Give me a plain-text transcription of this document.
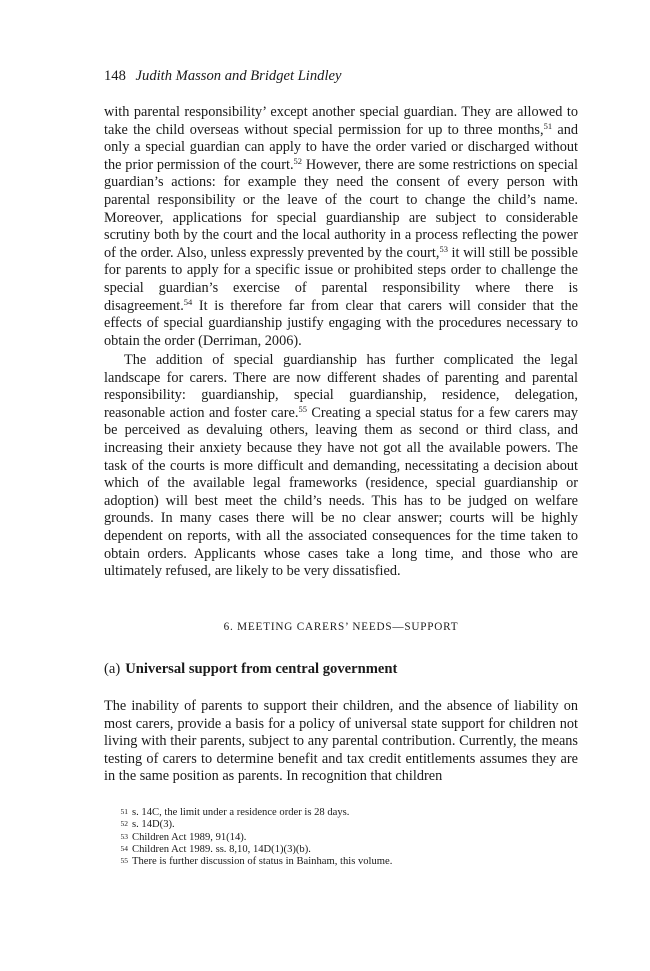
148 Judith Masson and Bridget Lindley

with parental responsibility’ except another special guardian. They are allowed to take the child overseas without special permission for up to three months,$^{51}$ and only a special guardian can apply to have the order varied or discharged without the prior permission of the court.$^{52}$ However, there are some restrictions on special guardian’s actions: for example they need the consent of every person with parental responsibility or the leave of the court to change the child’s name. Moreover, applications for special guardianship are subject to considerable scrutiny both by the court and the local authority in a process reflecting the power of the order. Also, unless expressly prevented by the court,$^{53}$ it will still be possible for parents to apply for a specific issue or prohibited steps order to challenge the special guardian’s exercise of parental responsibility where there is disagreement.$^{54}$ It is therefore far from clear that carers will consider that the effects of special guardianship justify engaging with the procedures necessary to obtain the order (Derriman, 2006).

The addition of special guardianship has further complicated the legal landscape for carers. There are now different shades of parenting and parental responsibility: guardianship, special guardianship, residence, delegation, reasonable action and foster care.$^{55}$ Creating a special status for a few carers may be perceived as devaluing others, leaving them as second or third class, and increasing their anxiety because they have not got all the available powers. The task of the courts is more difficult and demanding, necessitating a decision about which of the available legal frameworks (residence, special guardianship or adoption) will best meet the child’s needs. This has to be judged on welfare grounds. In many cases there will be no clear answer; courts will be highly dependent on reports, with all the associated consequences for the time taken to obtain orders. Applicants whose cases take a long time, and those who are ultimately refused, are likely to be very dissatisfied.

6. MEETING CARERS’ NEEDS—SUPPORT
(a) Universal support from central government

The inability of parents to support their children, and the absence of liability on most carers, provide a basis for a policy of universal state support for children not living with their parents, subject to any parental contribution. Currently, the means testing of carers to determine benefit and tax credit entitlements assumes they are in the same position as parents. In recognition that children

51 s. 14C, the limit under a residence order is 28 days.
52 s. 14D(3).
53 Children Act 1989, 91(14).
54 Children Act 1989. ss. 8,10, 14D(1)(3)(b).
55 There is further discussion of status in Bainham, this volume.
